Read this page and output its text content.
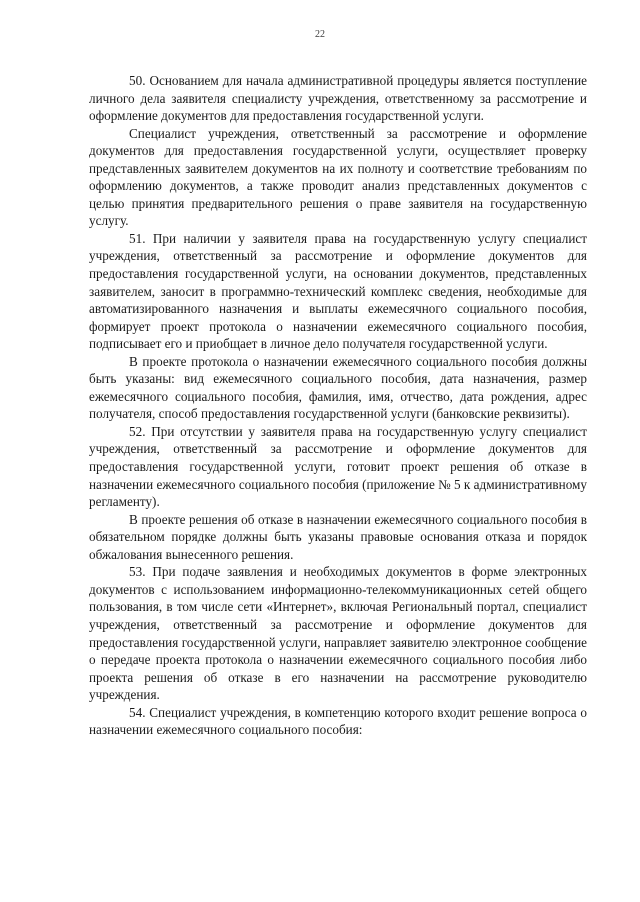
22

50. Основанием для начала административной процедуры является поступление личного дела заявителя специалисту учреждения, ответственному за рассмотрение и оформление документов для предоставления государственной услуги.

Специалист учреждения, ответственный за рассмотрение и оформление документов для предоставления государственной услуги, осуществляет проверку представленных заявителем документов на их полноту и соответствие требованиям по оформлению документов, а также проводит анализ представленных документов с целью принятия предварительного решения о праве заявителя на государственную услугу.

51. При наличии у заявителя права на государственную услугу специалист учреждения, ответственный за рассмотрение и оформление документов для предоставления государственной услуги, на основании документов, представленных заявителем, заносит в программно-технический комплекс сведения, необходимые для автоматизированного назначения и выплаты ежемесячного социального пособия, формирует проект протокола о назначении ежемесячного социального пособия, подписывает его и приобщает в личное дело получателя государственной услуги.

В проекте протокола о назначении ежемесячного социального пособия должны быть указаны: вид ежемесячного социального пособия, дата назначения, размер ежемесячного социального пособия, фамилия, имя, отчество, дата рождения, адрес получателя, способ предоставления государственной услуги (банковские реквизиты).

52. При отсутствии у заявителя права на государственную услугу специалист учреждения, ответственный за рассмотрение и оформление документов для предоставления государственной услуги, готовит проект решения об отказе в назначении ежемесячного социального пособия (приложение № 5 к административному регламенту).

В проекте решения об отказе в назначении ежемесячного социального пособия в обязательном порядке должны быть указаны правовые основания отказа и порядок обжалования вынесенного решения.

53. При подаче заявления и необходимых документов в форме электронных документов с использованием информационно-телекоммуникационных сетей общего пользования, в том числе сети «Интернет», включая Региональный портал, специалист учреждения, ответственный за рассмотрение и оформление документов для предоставления государственной услуги, направляет заявителю электронное сообщение о передаче проекта протокола о назначении ежемесячного социального пособия либо проекта решения об отказе в его назначении на рассмотрение руководителю учреждения.

54. Специалист учреждения, в компетенцию которого входит решение вопроса о назначении ежемесячного социального пособия:
